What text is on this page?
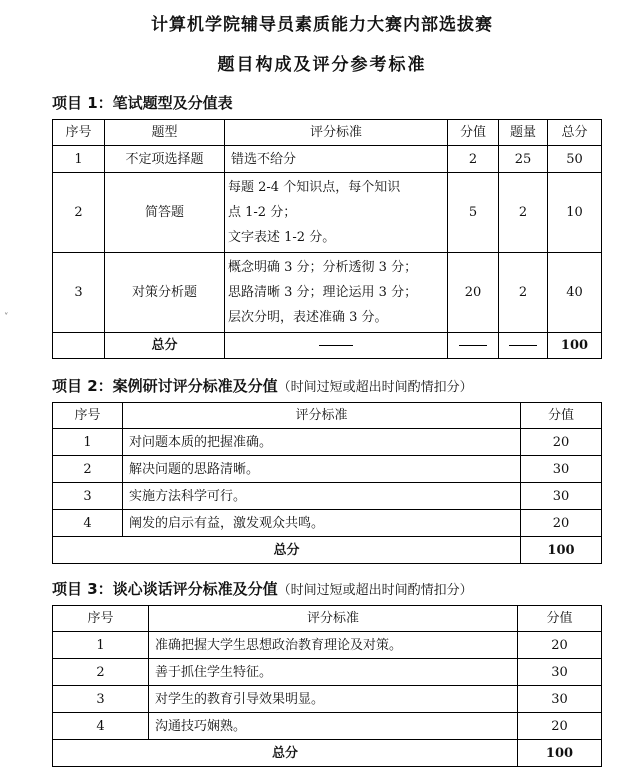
计算机学院辅导员素质能力大赛内部选拔赛
题目构成及评分参考标准
˅
项目 1：笔试题型及分值表
序号	题型	评分标准	分值	题量	总分
1	不定项选择题	错选不给分	2	25	50
2	简答题	每题 2-4 个知识点，每个知识
点 1-2 分；
文字表述 1-2 分。	5	2	10
3	对策分析题	概念明确 3 分；分析透彻 3 分；
思路清晰 3 分；理论运用 3 分；
层次分明，表述准确 3 分。	20	2	40
	总分				100
项目 2：案例研讨评分标准及分值（时间过短或超出时间酌情扣分）
序号	评分标准	分值
1	对问题本质的把握准确。	20
2	解决问题的思路清晰。	30
3	实施方法科学可行。	30
4	阐发的启示有益，激发观众共鸣。	20
总分		100
项目 3：谈心谈话评分标准及分值（时间过短或超出时间酌情扣分）
序号	评分标准	分值
1	准确把握大学生思想政治教育理论及对策。	20
2	善于抓住学生特征。	30
3	对学生的教育引导效果明显。	30
4	沟通技巧娴熟。	20
总分		100
